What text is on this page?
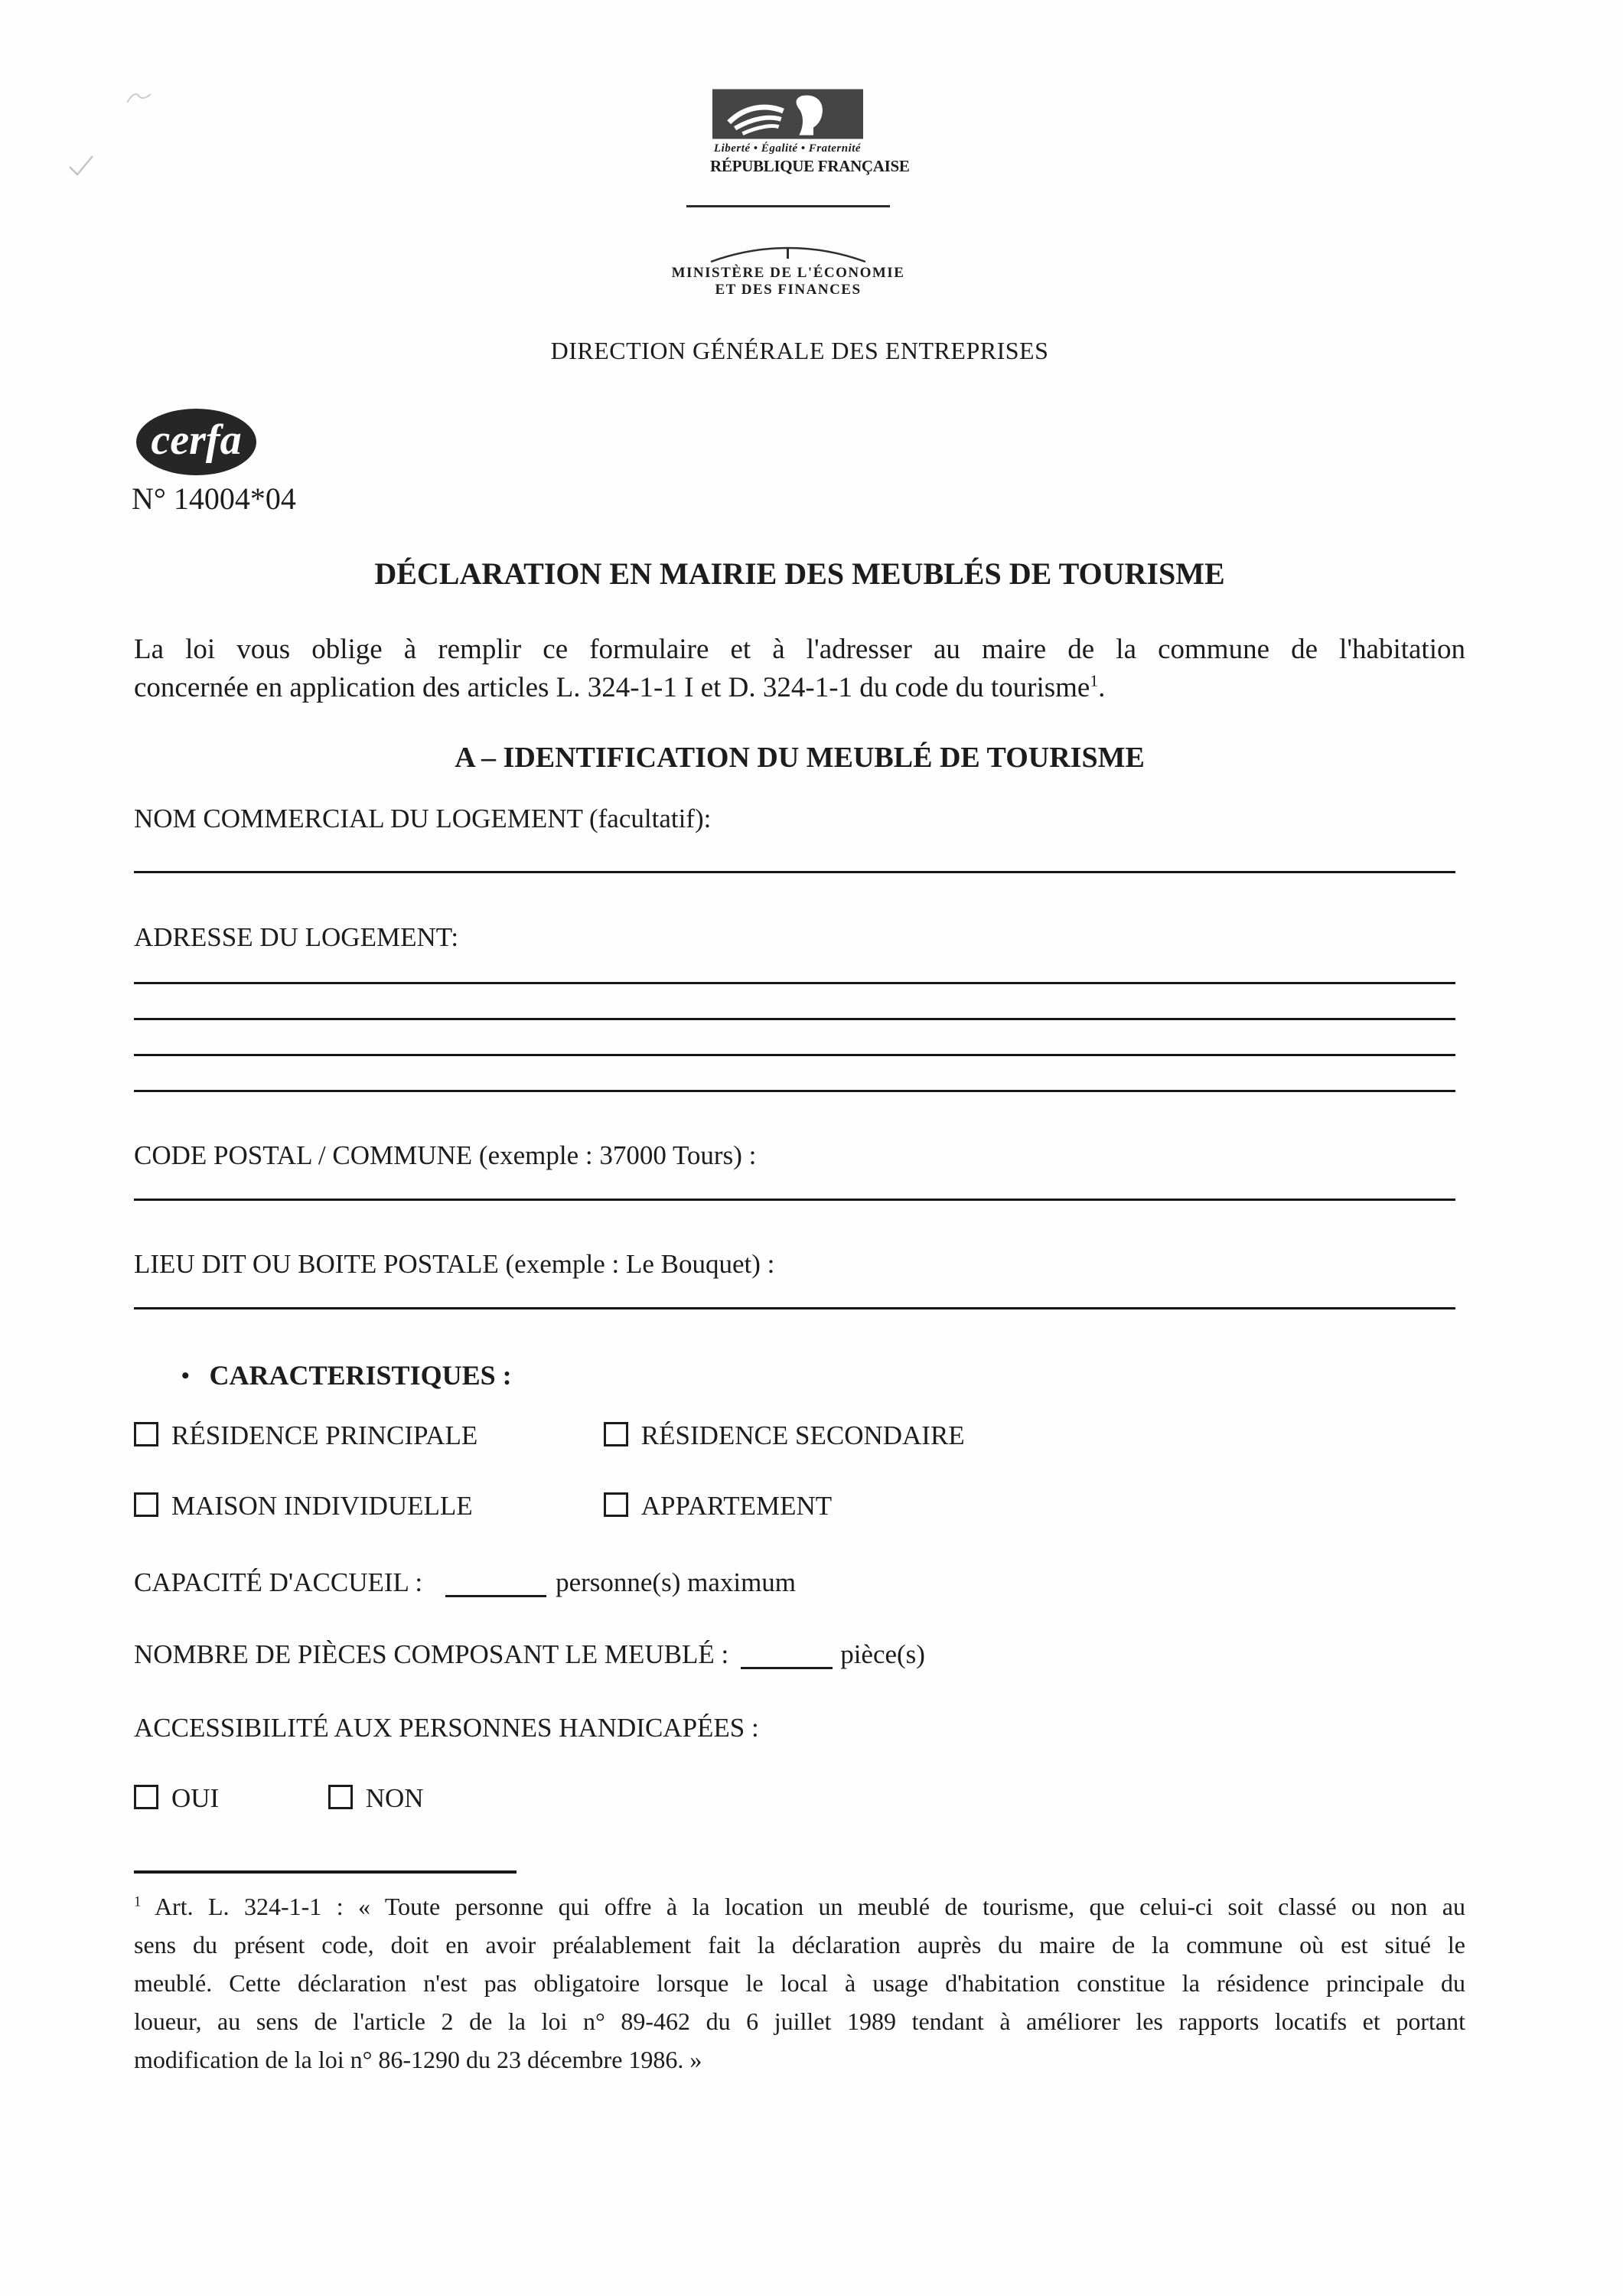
Liberté • Égalité • Fraternité
RÉPUBLIQUE FRANÇAISE
MINISTÈRE DE L'ÉCONOMIE
ET DES FINANCES
DIRECTION GÉNÉRALE DES ENTREPRISES
cerfa
N° 14004*04
DÉCLARATION EN MAIRIE DES MEUBLÉS DE TOURISME
La loi vous oblige à remplir ce formulaire et à l'adresser au maire de la commune de l'habitation
concernée en application des articles L. 324-1-1 I et D. 324-1-1 du code du tourisme$^1$.
A – IDENTIFICATION DU MEUBLÉ DE TOURISME
NOM COMMERCIAL DU LOGEMENT (facultatif):
ADRESSE DU LOGEMENT:
CODE POSTAL / COMMUNE (exemple : 37000 Tours) :
LIEU DIT OU BOITE POSTALE (exemple : Le Bouquet) :
• CARACTERISTIQUES :
RÉSIDENCE PRINCIPALE	RÉSIDENCE SECONDAIRE
MAISON INDIVIDUELLE	APPARTEMENT
CAPACITÉ D'ACCUEIL :	personne(s) maximum
NOMBRE DE PIÈCES COMPOSANT LE MEUBLÉ :	pièce(s)
ACCESSIBILITÉ AUX PERSONNES HANDICAPÉES :
OUI	NON
$^1$ Art. L. 324-1-1 : « Toute personne qui offre à la location un meublé de tourisme, que celui-ci soit classé ou non au
sens du présent code, doit en avoir préalablement fait la déclaration auprès du maire de la commune où est situé le
meublé. Cette déclaration n'est pas obligatoire lorsque le local à usage d'habitation constitue la résidence principale du
loueur, au sens de l'article 2 de la loi n° 89-462 du 6 juillet 1989 tendant à améliorer les rapports locatifs et portant
modification de la loi n° 86-1290 du 23 décembre 1986. »
